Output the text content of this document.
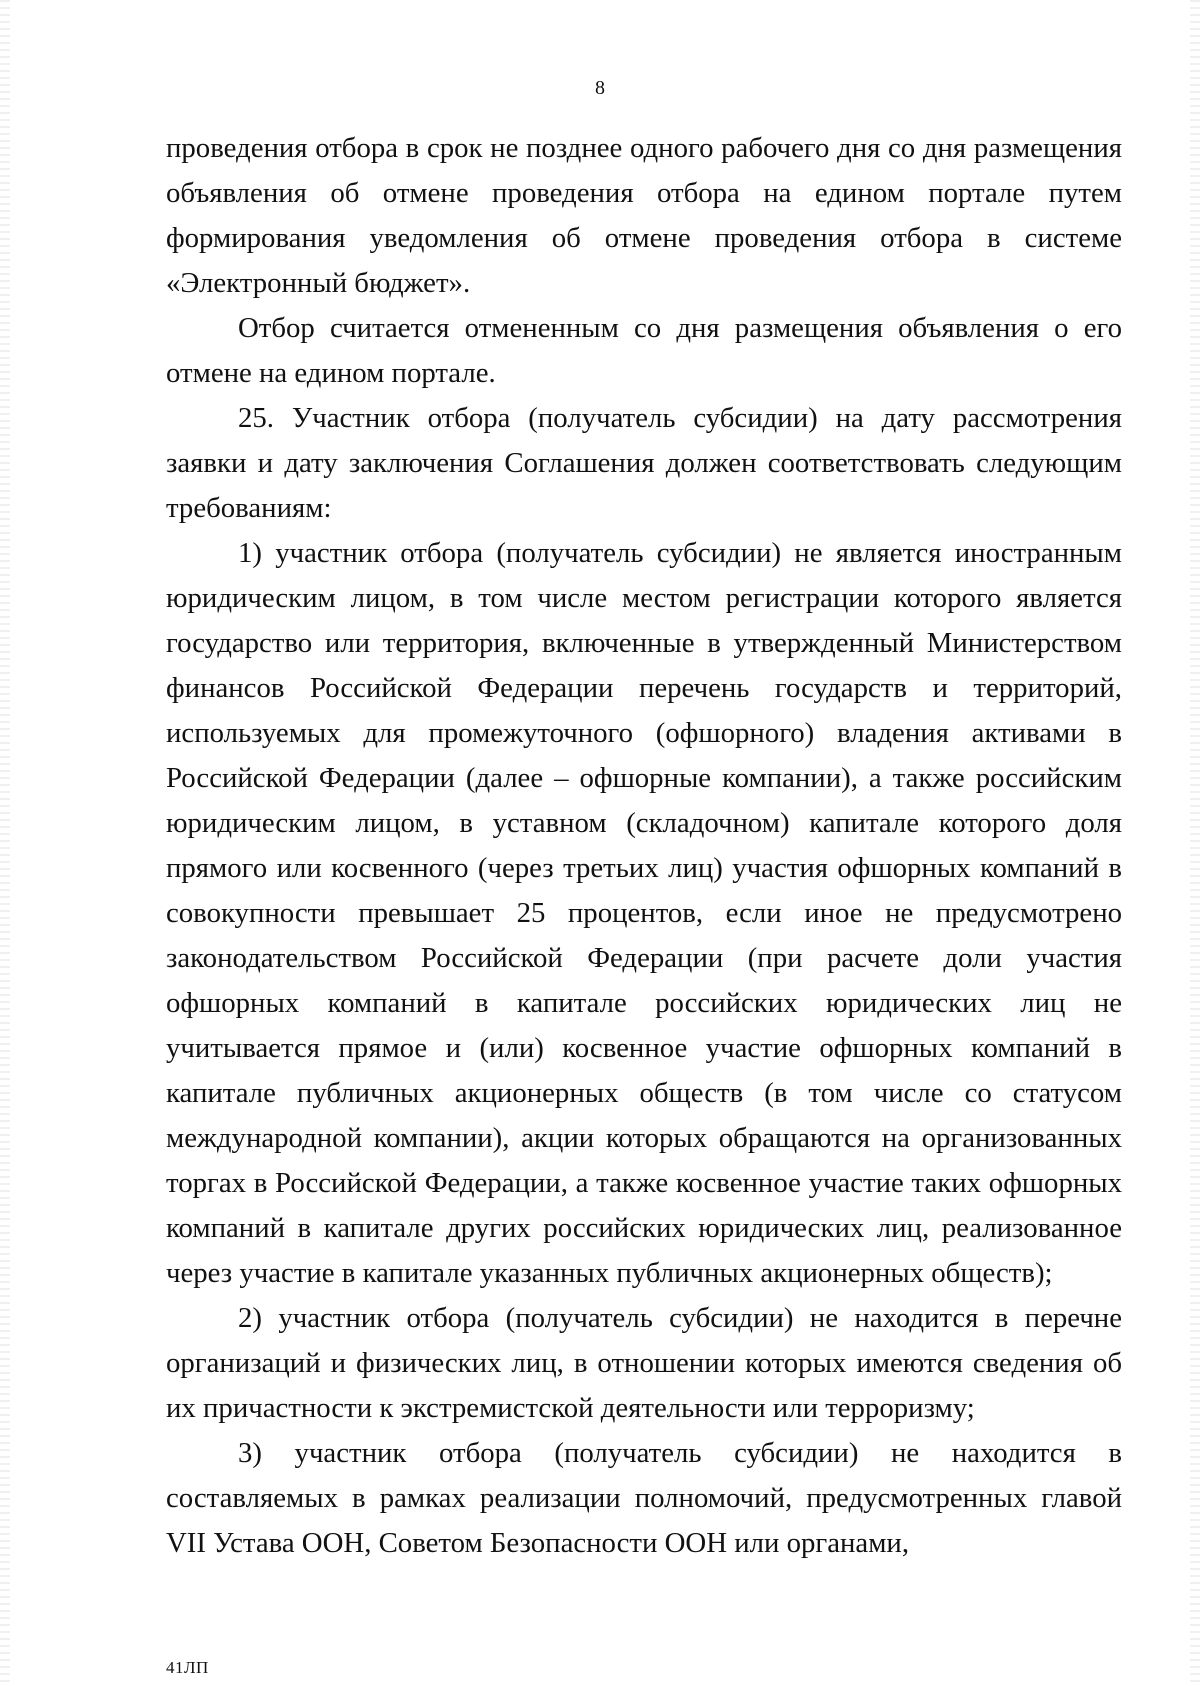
8

проведения отбора в срок не позднее одного рабочего дня со дня размещения объявления об отмене проведения отбора на едином портале путем формирования уведомления об отмене проведения отбора в системе «Электронный бюджет».

Отбор считается отмененным со дня размещения объявления о его отмене на едином портале.

25. Участник отбора (получатель субсидии) на дату рассмотрения заявки и дату заключения Соглашения должен соответствовать следующим требованиям:

1) участник отбора (получатель субсидии) не является иностранным юридическим лицом, в том числе местом регистрации которого является государство или территория, включенные в утвержденный Министерством финансов Российской Федерации перечень государств и территорий, используемых для промежуточного (офшорного) владения активами в Российской Федерации (далее – офшорные компании), а также российским юридическим лицом, в уставном (складочном) капитале которого доля прямого или косвенного (через третьих лиц) участия офшорных компаний в совокупности превышает 25 процентов, если иное не предусмотрено законодательством Российской Федерации (при расчете доли участия офшорных компаний в капитале российских юридических лиц не учитывается прямое и (или) косвенное участие офшорных компаний в капитале публичных акционерных обществ (в том числе со статусом международной компании), акции которых обращаются на организованных торгах в Российской Федерации, а также косвенное участие таких офшорных компаний в капитале других российских юридических лиц, реализованное через участие в капитале указанных публичных акционерных обществ);

2) участник отбора (получатель субсидии) не находится в перечне организаций и физических лиц, в отношении которых имеются сведения об их причастности к экстремистской деятельности или терроризму;

3) участник отбора (получатель субсидии) не находится в составляемых в рамках реализации полномочий, предусмотренных главой VII Устава ООН, Советом Безопасности ООН или органами,

41ЛП
